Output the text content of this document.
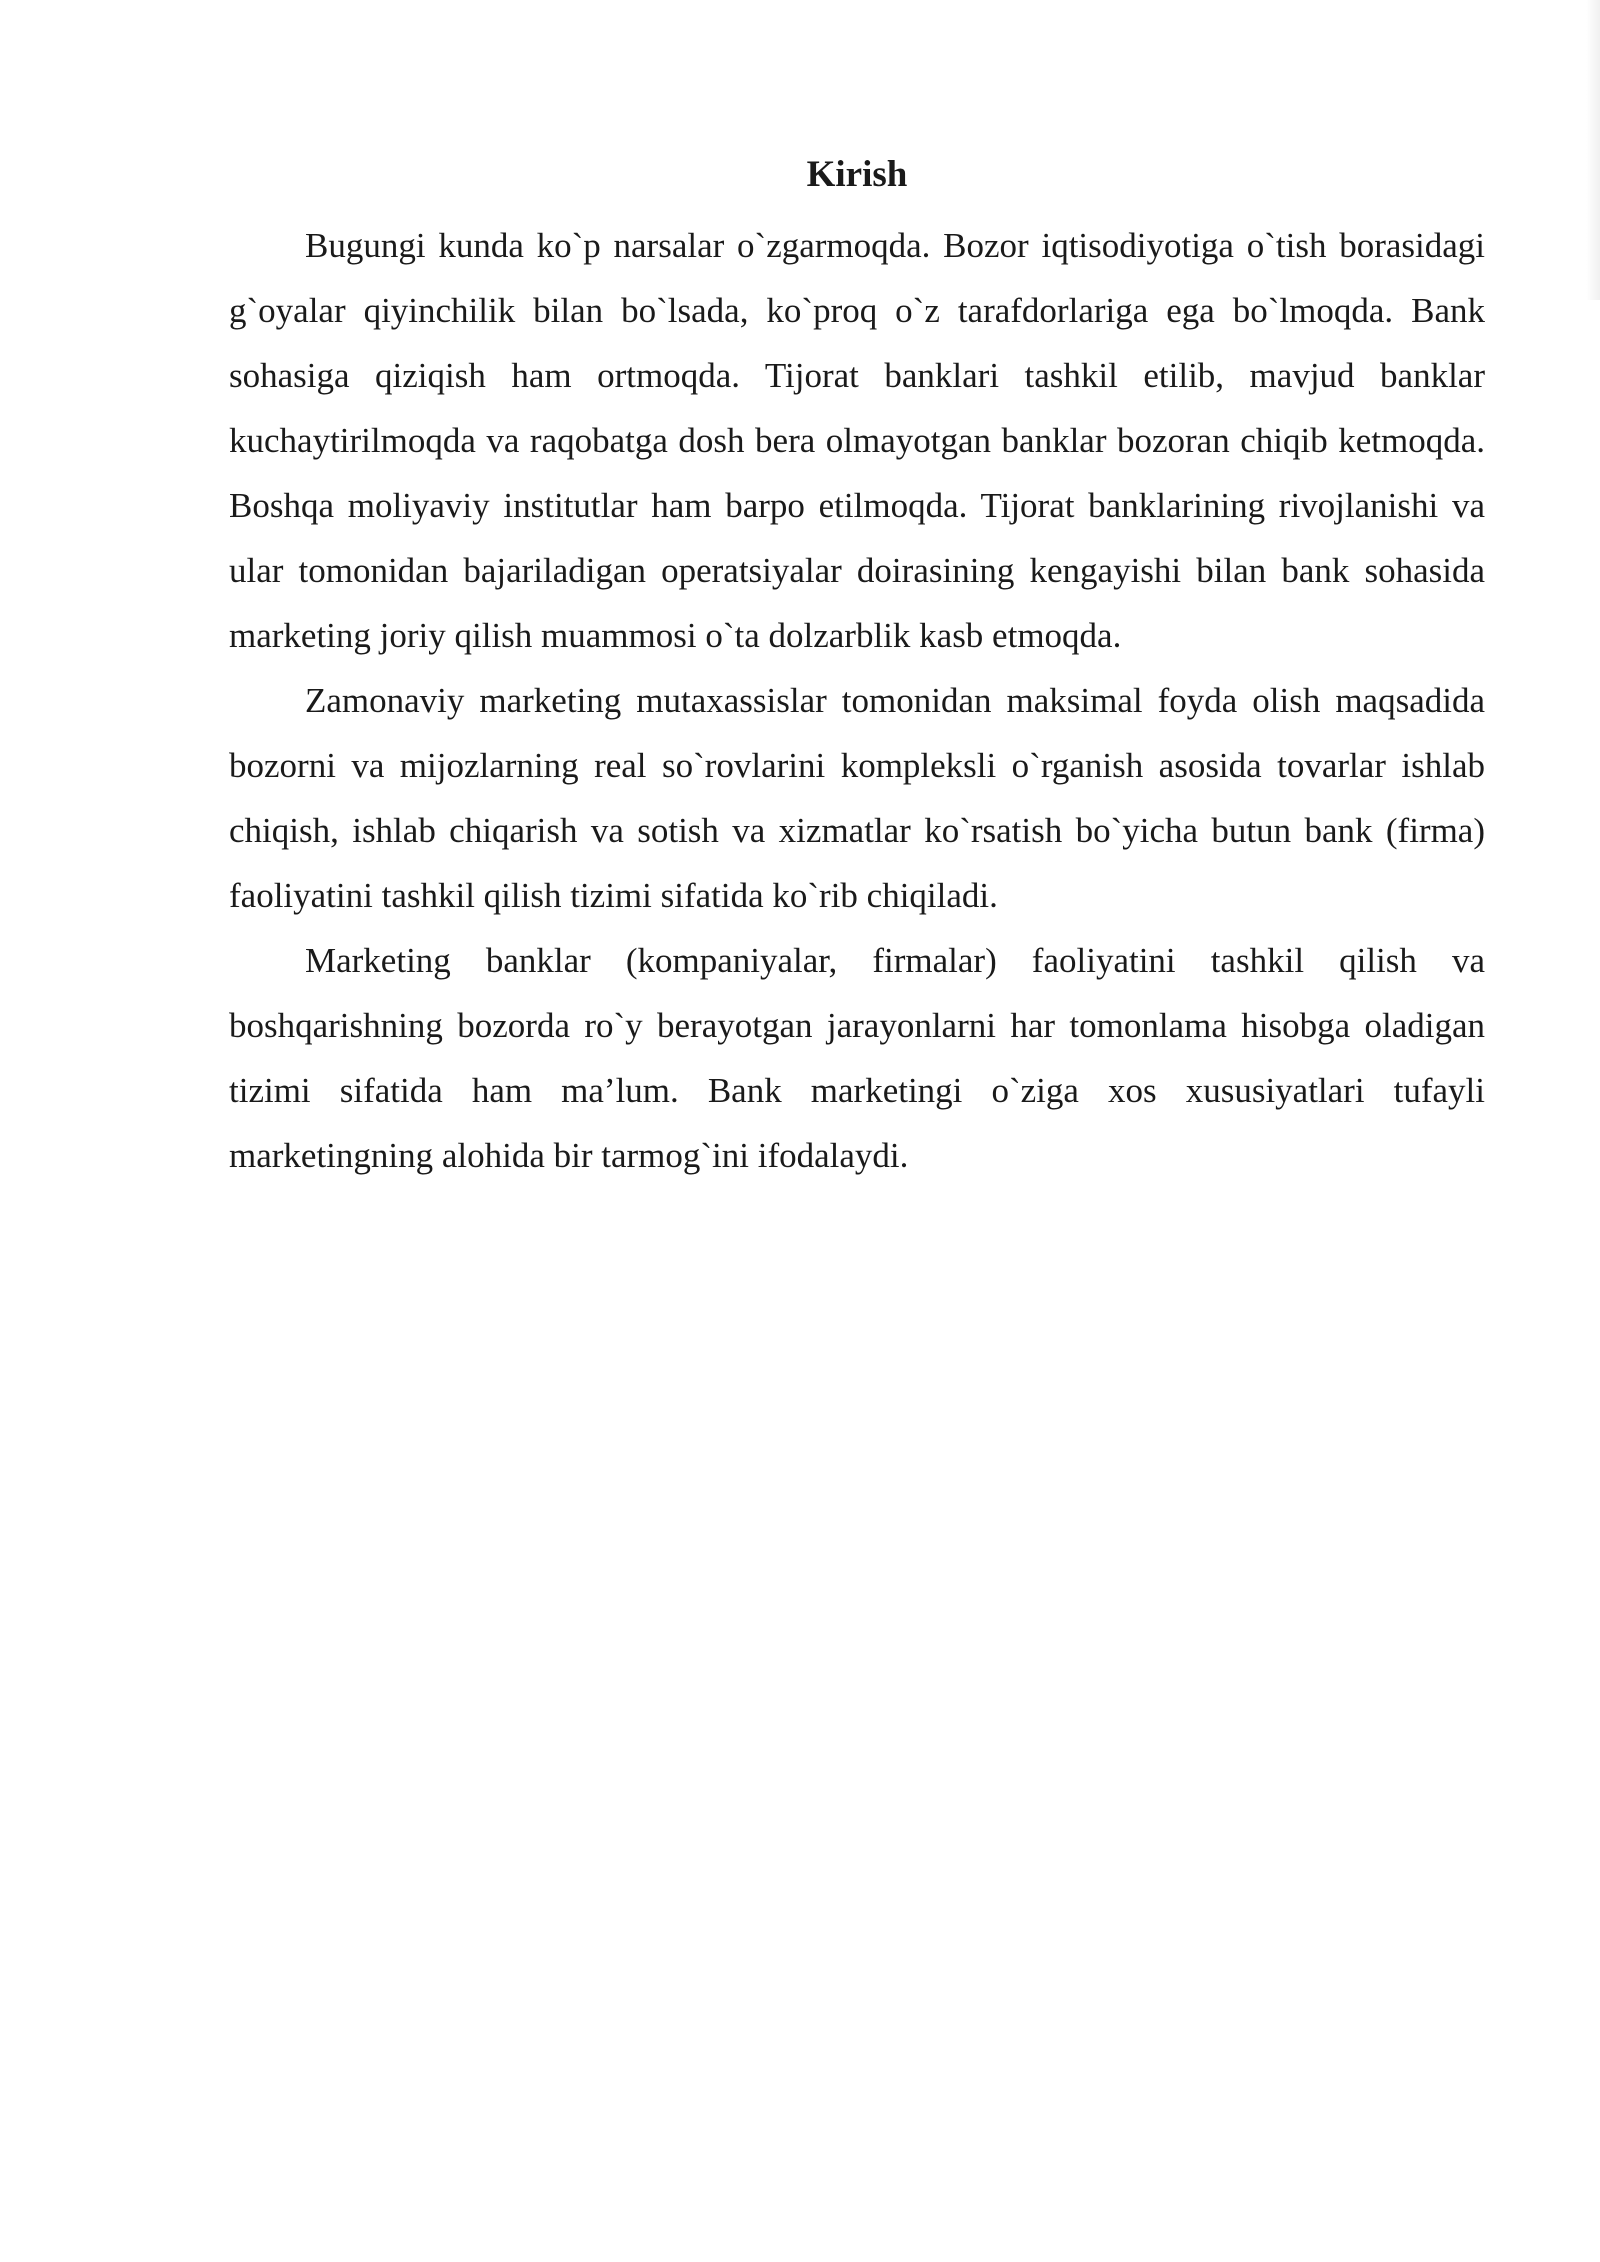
Kirish

Bugungi kunda ko`p narsalar o`zgarmoqda. Bozor iqtisodiyotiga o`tish borasidagi g`oyalar qiyinchilik bilan bo`lsada, ko`proq o`z tarafdorlariga ega bo`lmoqda. Bank sohasiga qiziqish ham ortmoqda. Tijorat banklari tashkil etilib, mavjud banklar kuchaytirilmoqda va raqobatga dosh bera olmayotgan banklar bozoran chiqib ketmoqda. Boshqa moliyaviy institutlar ham barpo etilmoqda. Tijorat banklarining rivojlanishi va ular tomonidan bajariladigan operatsiyalar doirasining kengayishi bilan bank sohasida marketing joriy qilish muammosi o`ta dolzarblik kasb etmoqda.

Zamonaviy marketing mutaxassislar tomonidan maksimal foyda olish maqsadida bozorni va mijozlarning real so`rovlarini kompleksli o`rganish asosida tovarlar ishlab chiqish, ishlab chiqarish va sotish va xizmatlar ko`rsatish bo`yicha butun bank (firma) faoliyatini tashkil qilish tizimi sifatida ko`rib chiqiladi.

Marketing banklar (kompaniyalar, firmalar) faoliyatini tashkil qilish va boshqarishning bozorda ro`y berayotgan jarayonlarni har tomonlama hisobga oladigan tizimi sifatida ham ma’lum. Bank marketingi o`ziga xos xususiyatlari tufayli marketingning alohida bir tarmog`ini ifodalaydi.
